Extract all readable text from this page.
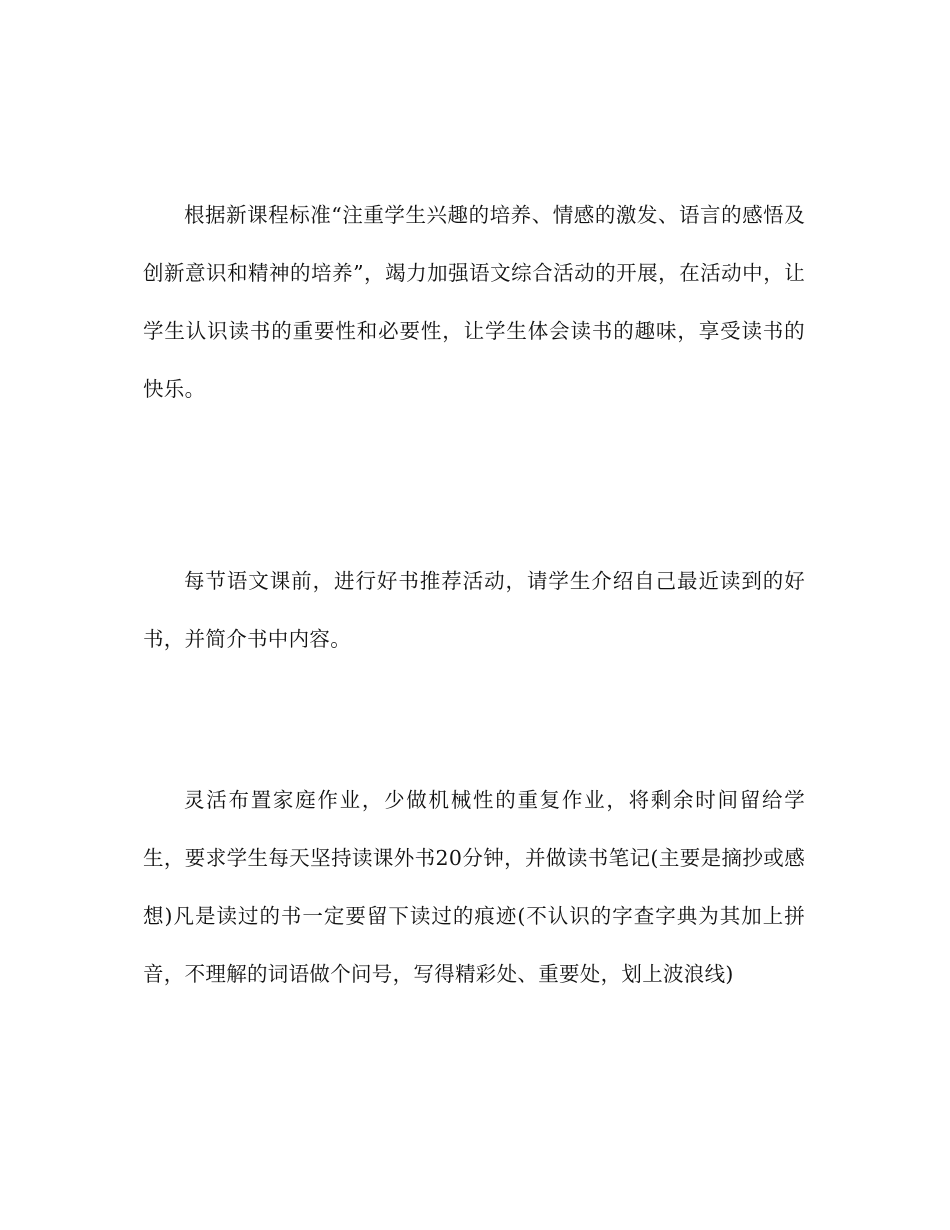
根据新课程标准“注重学生兴趣的培养、情感的激发、语言的感悟及创新意识和精神的培养”，竭力加强语文综合活动的开展，在活动中，让学生认识读书的重要性和必要性，让学生体会读书的趣味，享受读书的快乐。

每节语文课前，进行好书推荐活动，请学生介绍自己最近读到的好书，并简介书中内容。

灵活布置家庭作业，少做机械性的重复作业，将剩余时间留给学生，要求学生每天坚持读课外书20分钟，并做读书笔记(主要是摘抄或感想)凡是读过的书一定要留下读过的痕迹(不认识的字查字典为其加上拼音，不理解的词语做个问号，写得精彩处、重要处，划上波浪线)
